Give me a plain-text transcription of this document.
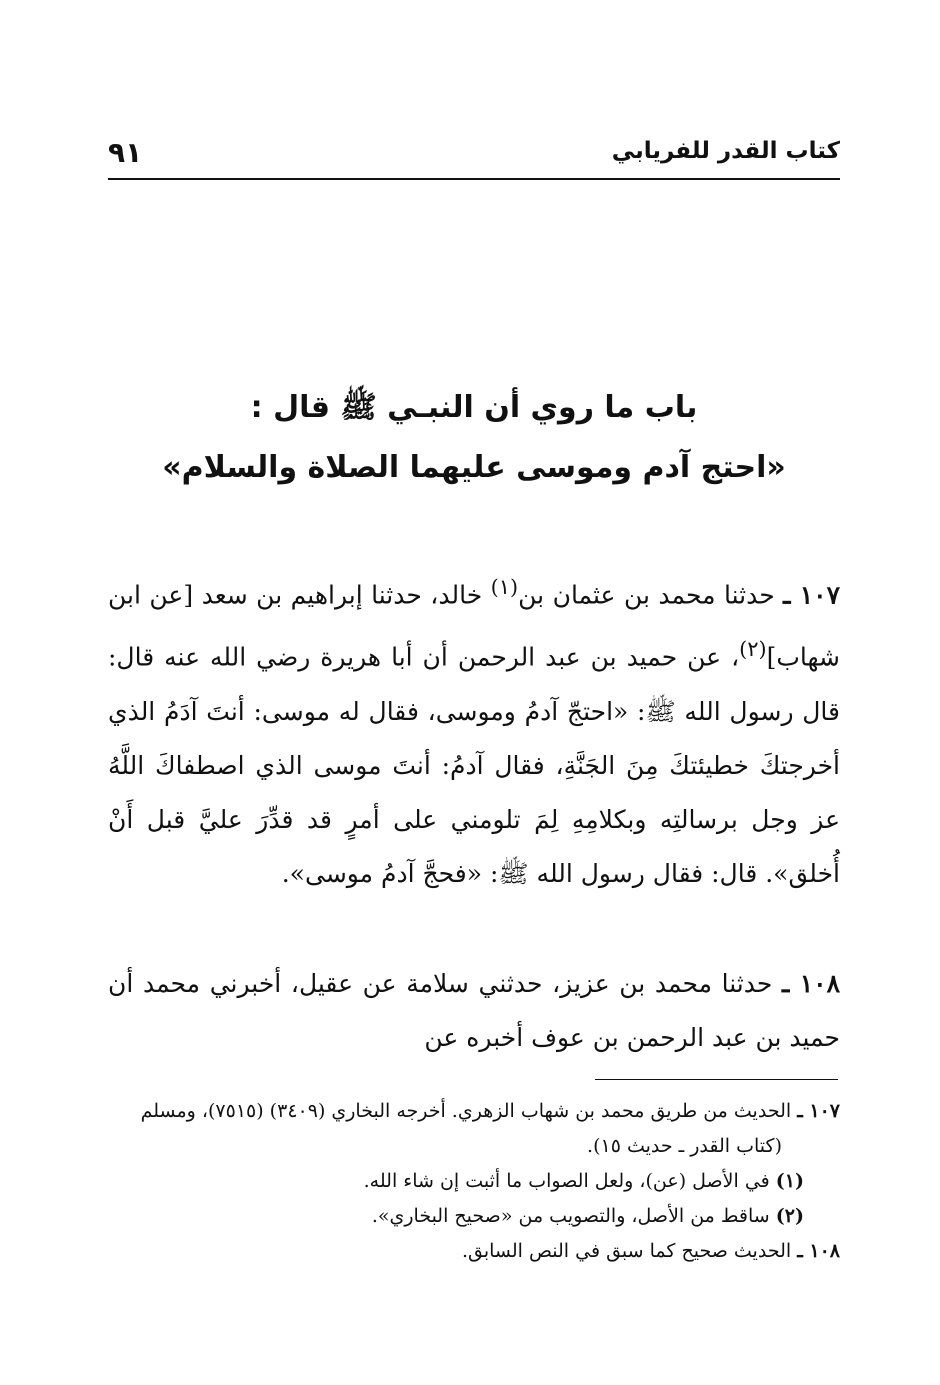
كتاب القدر للفريابي
٩١
باب ما روي أن النبـي ﷺ قال :
«احتج آدم وموسى عليهما الصلاة والسلام»
١٠٧ ـ حدثنا محمد بن عثمان بن$^{(١)}$ خالد، حدثنا إبراهيم بن سعد [عن ابن شهاب]$^{(٢)}$، عن حميد بن عبد الرحمن أن أبا هريرة رضي الله عنه قال: قال رسول الله ﷺ: «احتجّ آدمُ وموسى، فقال له موسى: أنتَ آدَمُ الذي أخرجتكَ خطيئتكَ مِنَ الجَنَّةِ، فقال آدمُ: أنتَ موسى الذي اصطفاكَ اللَّهُ عز وجل برسالتِه وبكلامِهِ لِمَ تلومني على أمرٍ قد قدِّرَ عليَّ قبل أَنْ أُخلق». قال: فقال رسول الله ﷺ: «فحجَّ آدمُ موسى».
١٠٨ ـ حدثنا محمد بن عزيز، حدثني سلامة عن عقيل، أخبرني محمد أن حميد بن عبد الرحمن بن عوف أخبره عن

١٠٧ ـ الحديث من طريق محمد بن شهاب الزهري. أخرجه البخاري (٣٤٠٩) (٧٥١٥)، ومسلم (كتاب القدر ـ حديث ١٥).

(١) في الأصل (عن)، ولعل الصواب ما أثبت إن شاء الله.

(٢) ساقط من الأصل، والتصويب من «صحيح البخاري».

١٠٨ ـ الحديث صحيح كما سبق في النص السابق.
